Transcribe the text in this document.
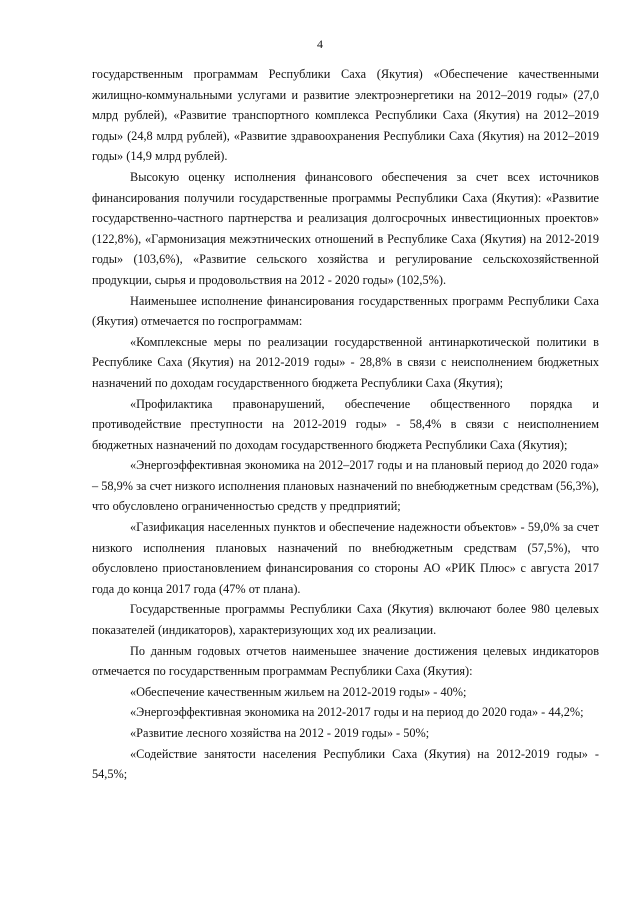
4

государственным программам Республики Саха (Якутия) «Обеспечение качественными жилищно-коммунальными услугами и развитие электроэнергетики на 2012–2019 годы» (27,0 млрд рублей), «Развитие транспортного комплекса Республики Саха (Якутия) на 2012–2019 годы» (24,8 млрд рублей), «Развитие здравоохранения Республики Саха (Якутия) на 2012–2019 годы» (14,9 млрд рублей).

Высокую оценку исполнения финансового обеспечения за счет всех источников финансирования получили государственные программы Республики Саха (Якутия): «Развитие государственно-частного партнерства и реализация долгосрочных инвестиционных проектов» (122,8%), «Гармонизация межэтнических отношений в Республике Саха (Якутия) на 2012-2019 годы» (103,6%), «Развитие сельского хозяйства и регулирование сельскохозяйственной продукции, сырья и продовольствия на 2012 - 2020 годы» (102,5%).

Наименьшее исполнение финансирования государственных программ Республики Саха (Якутия) отмечается по госпрограммам:

«Комплексные меры по реализации государственной антинаркотической политики в Республике Саха (Якутия) на 2012-2019 годы» - 28,8% в связи с неисполнением бюджетных назначений по доходам государственного бюджета Республики Саха (Якутия);

«Профилактика правонарушений, обеспечение общественного порядка и противодействие преступности на 2012-2019 годы» - 58,4% в связи с неисполнением бюджетных назначений по доходам государственного бюджета Республики Саха (Якутия);

«Энергоэффективная экономика на 2012–2017 годы и на плановый период до 2020 года» – 58,9% за счет низкого исполнения плановых назначений по внебюджетным средствам (56,3%), что обусловлено ограниченностью средств у предприятий;

«Газификация населенных пунктов и обеспечение надежности объектов» - 59,0% за счет низкого исполнения плановых назначений по внебюджетным средствам (57,5%), что обусловлено приостановлением финансирования со стороны АО «РИК Плюс» с августа 2017 года до конца 2017 года (47% от плана).

Государственные программы Республики Саха (Якутия) включают более 980 целевых показателей (индикаторов), характеризующих ход их реализации.

По данным годовых отчетов наименьшее значение достижения целевых индикаторов отмечается по государственным программам Республики Саха (Якутия):

«Обеспечение качественным жильем на 2012-2019 годы» - 40%;

«Энергоэффективная экономика на 2012-2017 годы и на период до 2020 года» - 44,2%;

«Развитие лесного хозяйства на 2012 - 2019 годы» - 50%;

«Содействие занятости населения Республики Саха (Якутия) на 2012-2019 годы» - 54,5%;
